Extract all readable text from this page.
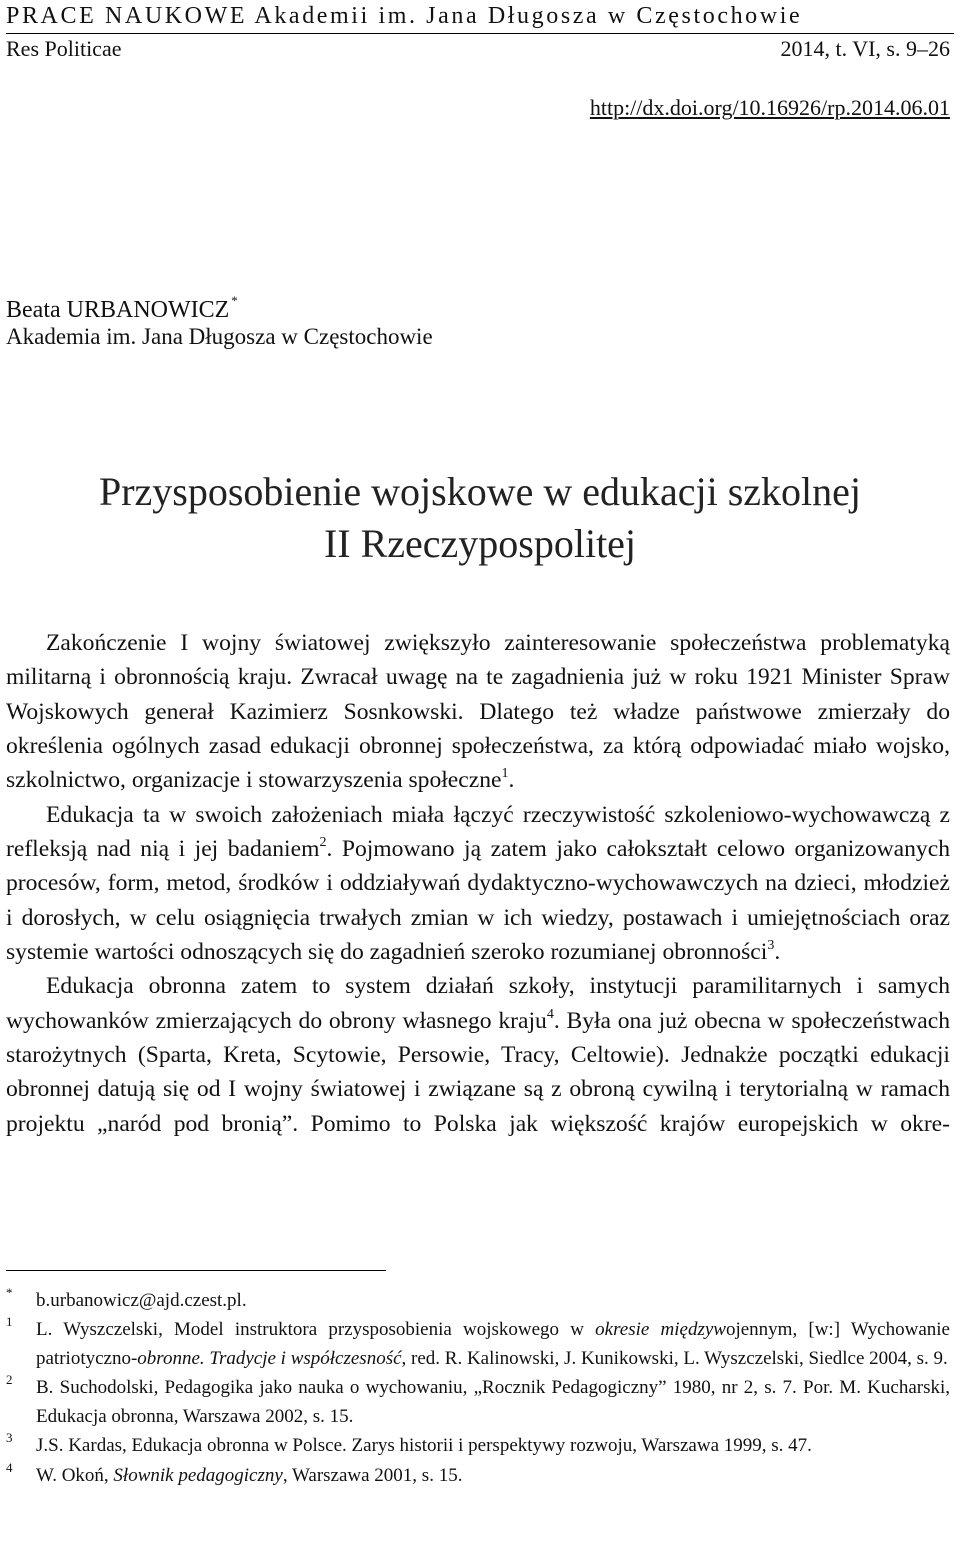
PRACE NAUKOWE Akademii im. Jana Długosza w Częstochowie
Res Politicae	2014, t. VI, s. 9–26
http://dx.doi.org/10.16926/rp.2014.06.01
Beata URBANOWICZ *
Akademia im. Jana Długosza w Częstochowie
Przysposobienie wojskowe w edukacji szkolnej
II Rzeczypospolitej

Zakończenie I wojny światowej zwiększyło zainteresowanie społeczeństwa problematyką militarną i obronnością kraju. Zwracał uwagę na te zagadnienia już w roku 1921 Minister Spraw Wojskowych generał Kazimierz Sosnkowski. Dlatego też władze państwowe zmierzały do określenia ogólnych zasad edukacji obronnej społeczeństwa, za którą odpowiadać miało wojsko, szkolnictwo, organizacje i stowarzyszenia społeczne$^1$.

Edukacja ta w swoich założeniach miała łączyć rzeczywistość szkoleniowo-wychowawczą z refleksją nad nią i jej badaniem$^2$. Pojmowano ją zatem jako całokształt celowo organizowanych procesów, form, metod, środków i oddziaływań dydaktyczno-wychowawczych na dzieci, młodzież i dorosłych, w celu osiągnięcia trwałych zmian w ich wiedzy, postawach i umiejętnościach oraz systemie wartości odnoszących się do zagadnień szeroko rozumianej obronności$^3$.

Edukacja obronna zatem to system działań szkoły, instytucji paramilitarnych i samych wychowanków zmierzających do obrony własnego kraju$^4$. Była ona już obecna w społeczeństwach starożytnych (Sparta, Kreta, Scytowie, Persowie, Tracy, Celtowie). Jednakże początki edukacji obronnej datują się od I wojny światowej i związane są z obroną cywilną i terytorialną w ramach projektu „naród pod bronią”. Pomimo to Polska jak większość krajów europejskich w okre-

* b.urbanowicz@ajd.czest.pl.
1 L. Wyszczelski, Model instruktora przysposobienia wojskowego w okresie międzywojennym, [w:] Wychowanie patriotyczno-obronne. Tradycje i współczesność, red. R. Kalinowski, J. Kunikowski, L. Wyszczelski, Siedlce 2004, s. 9.
2 B. Suchodolski, Pedagogika jako nauka o wychowaniu, „Rocznik Pedagogiczny” 1980, nr 2, s. 7. Por. M. Kucharski, Edukacja obronna, Warszawa 2002, s. 15.
3 J.S. Kardas, Edukacja obronna w Polsce. Zarys historii i perspektywy rozwoju, Warszawa 1999, s. 47.
4 W. Okoń, Słownik pedagogiczny, Warszawa 2001, s. 15.
